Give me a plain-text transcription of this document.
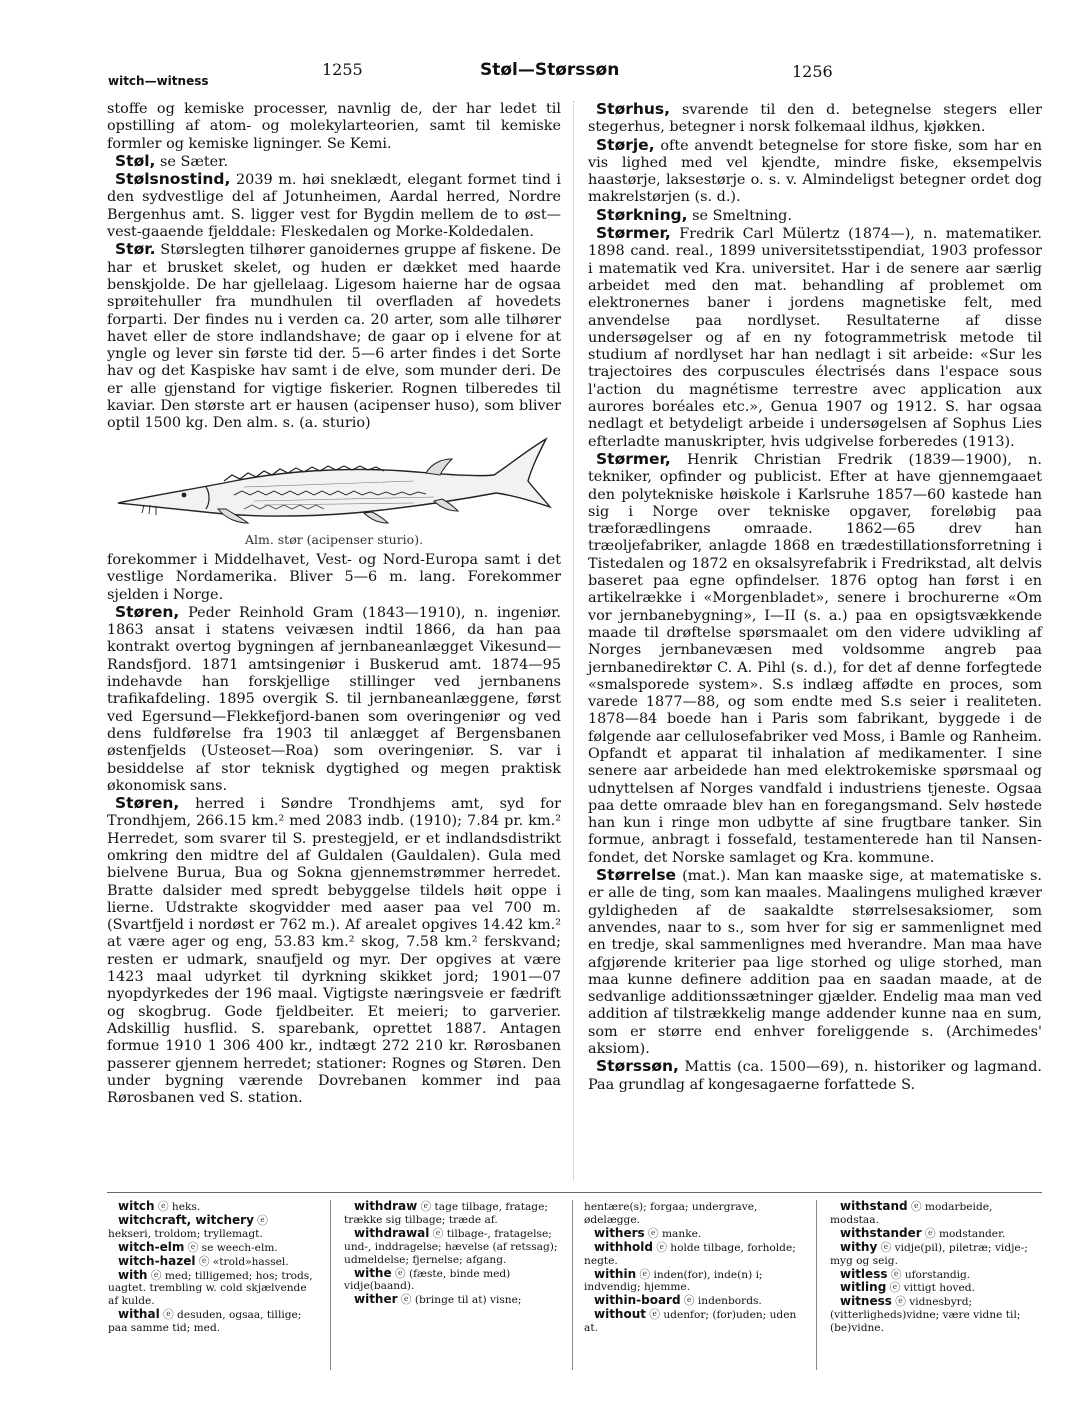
witch—witness
1255	Støl—Størssøn	1256

stoffe og kemiske processer, navnlig de, der har ledet til opstilling af atom- og molekylarteorien, samt til kemiske formler og kemiske ligninger. Se Kemi.

Støl, se Sæter.

Stølsnostind, 2039 m. høi sneklædt, elegant formet tind i den sydvestlige del af Jotunheimen, Aardal herred, Nordre Bergenhus amt. S. ligger vest for Bygdin mellem de to øst—vest-gaaende fjelddale: Fleskedalen og Morke-Koldedalen.

Stør. Størslegten tilhører ganoidernes gruppe af fiskene. De har et brusket skelet, og huden er dækket med haarde benskjolde. De har gjellelaag. Ligesom haierne har de ogsaa sprøitehuller fra mundhulen til overfladen af hovedets forparti. Der findes nu i verden ca. 20 arter, som alle tilhører havet eller de store indlandshave; de gaar op i elvene for at yngle og lever sin første tid der. 5—6 arter findes i det Sorte hav og det Kaspiske hav samt i de elve, som munder deri. De er alle gjenstand for vigtige fiskerier. Rognen tilberedes til kaviar. Den største art er hausen (acipenser huso), som bliver optil 1500 kg. Den alm. s. (a. sturio)

Alm. stør (acipenser sturio).

forekommer i Middelhavet, Vest- og Nord-Europa samt i det vestlige Nordamerika. Bliver 5—6 m. lang. Forekommer sjelden i Norge.

Støren, Peder Reinhold Gram (1843—1910), n. ingeniør. 1863 ansat i statens veivæsen indtil 1866, da han paa kontrakt overtog bygningen af jernbaneanlægget Vikesund—Randsfjord. 1871 amtsingeniør i Buskerud amt. 1874—95 indehavde han forskjellige stillinger ved jernbanens trafikafdeling. 1895 overgik S. til jernbaneanlæggene, først ved Egersund—Flekkefjord-banen som overingeniør og ved dens fuldførelse fra 1903 til anlægget af Bergensbanen østenfjelds (Usteoset—Roa) som overingeniør. S. var i besiddelse af stor teknisk dygtighed og megen praktisk økonomisk sans.

Støren, herred i Søndre Trondhjems amt, syd for Trondhjem, 266.15 km.² med 2083 indb. (1910); 7.84 pr. km.² Herredet, som svarer til S. prestegjeld, er et indlandsdistrikt omkring den midtre del af Guldalen (Gauldalen). Gula med bielvene Burua, Bua og Sokna gjennemstrømmer herredet. Bratte dalsider med spredt bebyggelse tildels høit oppe i lierne. Udstrakte skogvidder med aaser paa vel 700 m. (Svartfjeld i nordøst er 762 m.). Af arealet opgives 14.42 km.² at være ager og eng, 53.83 km.² skog, 7.58 km.² ferskvand; resten er udmark, snaufjeld og myr. Der opgives at være 1423 maal udyrket til dyrkning skikket jord; 1901—07 nyopdyrkedes der 196 maal. Vigtigste næringsveie er fædrift og skogbrug. Gode fjeldbeiter. Et meieri; to garverier. Adskillig husflid. S. sparebank, oprettet 1887. Antagen formue 1910 1 306 400 kr., indtægt 272 210 kr. Rørosbanen passerer gjennem herredet; stationer: Rognes og Støren. Den under bygning værende Dovrebanen kommer ind paa Rørosbanen ved S. station.

Størhus, svarende til den d. betegnelse stegers eller stegerhus, betegner i norsk folkemaal ildhus, kjøkken.

Størje, ofte anvendt betegnelse for store fiske, som har en vis lighed med vel kjendte, mindre fiske, eksempelvis haastørje, laksestørje o. s. v. Almindeligst betegner ordet dog makrelstørjen (s. d.).

Størkning, se Smeltning.

Størmer, Fredrik Carl Mülertz (1874—), n. matematiker. 1898 cand. real., 1899 universitetsstipendiat, 1903 professor i matematik ved Kra. universitet. Har i de senere aar særlig arbeidet med den mat. behandling af problemet om elektronernes baner i jordens magnetiske felt, med anvendelse paa nordlyset. Resultaterne af disse undersøgelser og af en ny fotogrammetrisk metode til studium af nordlyset har han nedlagt i sit arbeide: «Sur les trajectoires des corpuscules électrisés dans l'espace sous l'action du magnétisme terrestre avec application aux aurores boréales etc.», Genua 1907 og 1912. S. har ogsaa nedlagt et betydeligt arbeide i undersøgelsen af Sophus Lies efterladte manuskripter, hvis udgivelse forberedes (1913).

Størmer, Henrik Christian Fredrik (1839—1900), n. tekniker, opfinder og publicist. Efter at have gjennemgaaet den polytekniske høiskole i Karlsruhe 1857—60 kastede han sig i Norge over tekniske opgaver, foreløbig paa træforædlingens omraade. 1862—65 drev han træoljefabriker, anlagde 1868 en trædestillationsforretning i Tistedalen og 1872 en oksalsyrefabrik i Fredrikstad, alt delvis baseret paa egne opfindelser. 1876 optog han først i en artikelrække i «Morgenbladet», senere i brochurerne «Om vor jernbanebygning», I—II (s. a.) paa en opsigtsvækkende maade til drøftelse spørsmaalet om den videre udvikling af Norges jernbanevæsen med voldsomme angreb paa jernbanedirektør C. A. Pihl (s. d.), for det af denne forfegtede «smalsporede system». S.s indlæg affødte en proces, som varede 1877—88, og som endte med S.s seier i realiteten. 1878—84 boede han i Paris som fabrikant, byggede i de følgende aar cellulosefabriker ved Moss, i Bamle og Ranheim. Opfandt et apparat til inhalation af medikamenter. I sine senere aar arbeidede han med elektrokemiske spørsmaal og udnyttelsen af Norges vandfald i industriens tjeneste. Ogsaa paa dette omraade blev han en foregangsmand. Selv høstede han kun i ringe mon udbytte af sine frugtbare tanker. Sin formue, anbragt i fossefald, testamenterede han til Nansen-fondet, det Norske samlaget og Kra. kommune.

Størrelse (mat.). Man kan maaske sige, at matematiske s. er alle de ting, som kan maales. Maalingens mulighed kræver gyldigheden af de saakaldte størrelsesaksiomer, som anvendes, naar to s., som hver for sig er sammenlignet med en tredje, skal sammenlignes med hverandre. Man maa have afgjørende kriterier paa lige storhed og ulige storhed, man maa kunne definere addition paa en saadan maade, at de sedvanlige additionssætninger gjælder. Endelig maa man ved addition af tilstrækkelig mange addender kunne naa en sum, som er større end enhver foreliggende s. (Archimedes' aksiom).

Størssøn, Mattis (ca. 1500—69), n. historiker og lagmand. Paa grundlag af kongesagaerne forfattede S.

witch ⓔ heks.

witchcraft, witchery ⓔ hekseri, troldom; tryllemagt.

witch-elm ⓔ se weech-elm.

witch-hazel ⓔ «trold»hassel.

with ⓔ med; tilligemed; hos; trods, uagtet. trembling w. cold skjælvende af kulde.

withal ⓔ desuden, ogsaa, tillige; paa samme tid; med.

withdraw ⓔ tage tilbage, fratage; trække sig tilbage; træde af.

withdrawal ⓔ tilbage-, fratagelse; und-, inddragelse; hævelse (af retssag); udmeldelse; fjernelse; afgang.

withe ⓔ (fæste, binde med) vidje(baand).

wither ⓔ (bringe til at) visne;

hentære(s); forgaa; undergrave, ødelægge.

withers ⓔ manke.

withhold ⓔ holde tilbage, forholde; negte.

within ⓔ inden(for), inde(n) i; indvendig; hjemme.

within-board ⓔ indenbords.

without ⓔ udenfor; (for)uden; uden at.

withstand ⓔ modarbeide, modstaa.

withstander ⓔ modstander.

withy ⓔ vidje(pil), piletræ; vidje-; myg og seig.

witless ⓔ uforstandig.

witling ⓔ vittigt hoved.

witness ⓔ vidnesbyrd; (vitterligheds)vidne; være vidne til; (be)vidne.
